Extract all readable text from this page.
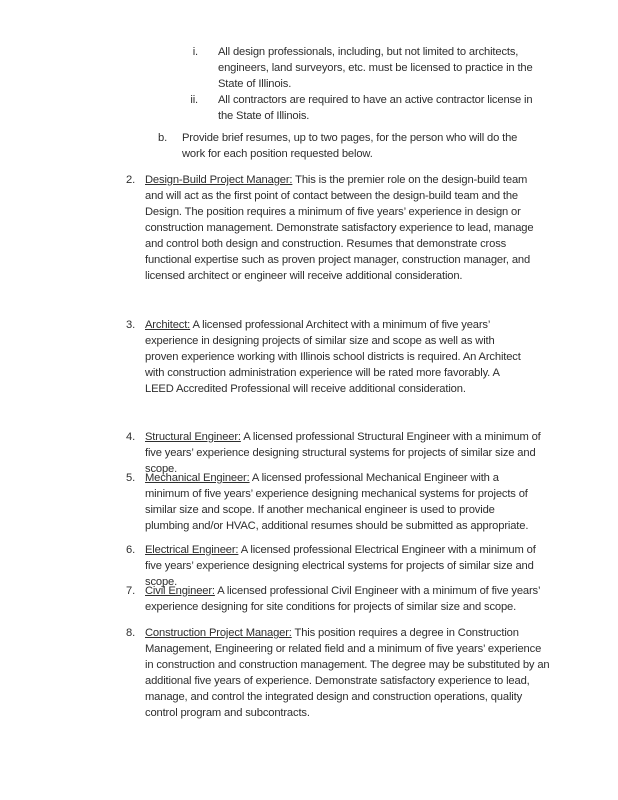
i. All design professionals, including, but not limited to architects, engineers, land surveyors, etc. must be licensed to practice in the State of Illinois.
ii. All contractors are required to have an active contractor license in the State of Illinois.
b.	Provide brief resumes, up to two pages, for the person who will do the work for each position requested below.
2. Design-Build Project Manager: This is the premier role on the design-build team and will act as the first point of contact between the design-build team and the Design. The position requires a minimum of five years’ experience in design or construction management. Demonstrate satisfactory experience to lead, manage and control both design and construction. Resumes that demonstrate cross functional expertise such as proven project manager, construction manager, and licensed architect or engineer will receive additional consideration.

3. Architect: A licensed professional Architect with a minimum of five years’ experience in designing projects of similar size and scope as well as with proven experience working with Illinois school districts is required. An Architect with construction administration experience will be rated more favorably. A LEED Accredited Professional will receive additional consideration.

4. Structural Engineer: A licensed professional Structural Engineer with a minimum of five years’ experience designing structural systems for projects of similar size and scope.

5. Mechanical Engineer: A licensed professional Mechanical Engineer with a minimum of five years’ experience designing mechanical systems for projects of similar size and scope. If another mechanical engineer is used to provide plumbing and/or HVAC, additional resumes should be submitted as appropriate.

6. Electrical Engineer: A licensed professional Electrical Engineer with a minimum of five years’ experience designing electrical systems for projects of similar size and scope.

7. Civil Engineer: A licensed professional Civil Engineer with a minimum of five years’ experience designing for site conditions for projects of similar size and scope.

8. Construction Project Manager: This position requires a degree in Construction Management, Engineering or related field and a minimum of five years’ experience in construction and construction management. The degree may be substituted by an additional five years of experience. Demonstrate satisfactory experience to lead, manage, and control the integrated design and construction operations, quality control program and subcontracts.
